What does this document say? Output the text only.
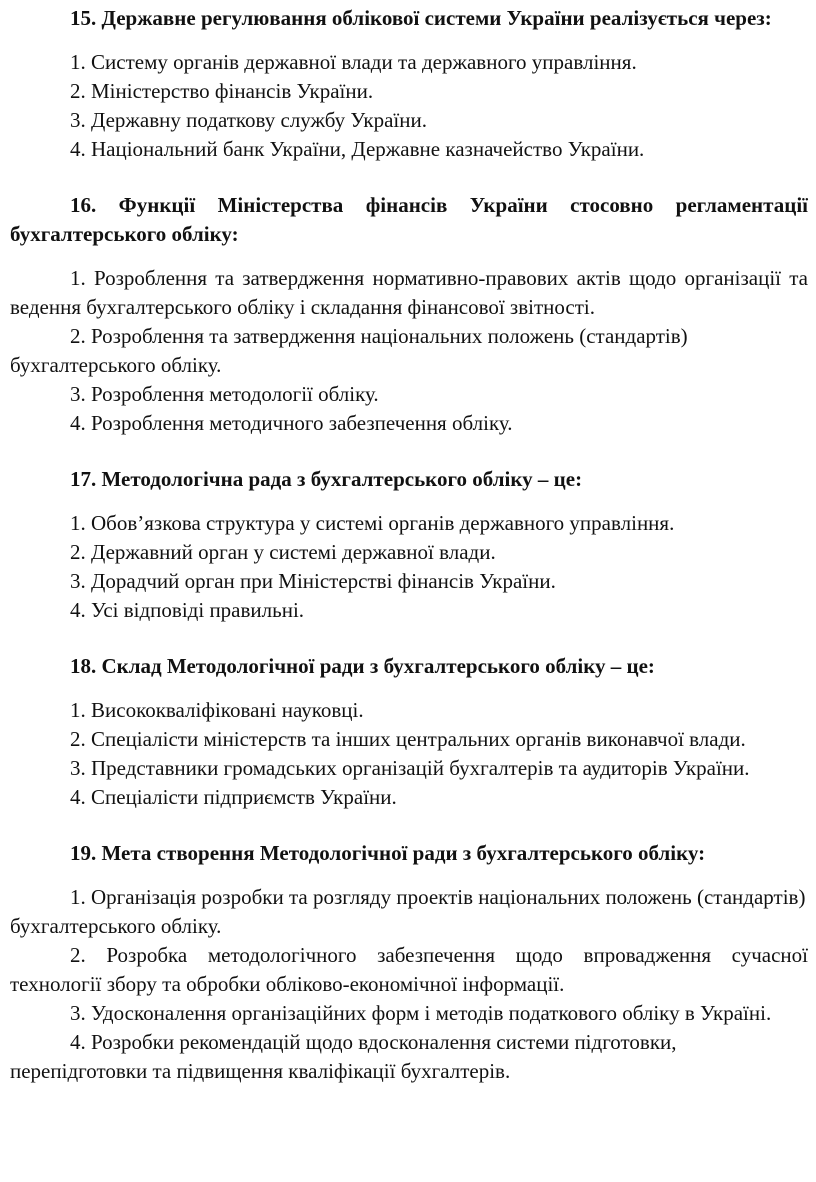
15. Державне регулювання облікової системи України реалізується через:

1. Систему органів державної влади та державного управління.

2. Міністерство фінансів України.

3. Державну податкову службу України.

4. Національний банк України, Державне казначейство України.

16. Функції Міністерства фінансів України стосовно регламентації бухгалтерського обліку:

1. Розроблення та затвердження нормативно-правових актів щодо організації та ведення бухгалтерського обліку і складання фінансової звітності.

2. Розроблення та затвердження національних положень (стандартів) бухгалтерського обліку.

3. Розроблення методології обліку.

4. Розроблення методичного забезпечення обліку.

17. Методологічна рада з бухгалтерського обліку – це:

1. Обов’язкова структура у системі органів державного управління.

2. Державний орган у системі державної влади.

3. Дорадчий орган при Міністерстві фінансів України.

4. Усі відповіді правильні.

18. Склад Методологічної ради з бухгалтерського обліку – це:

1. Висококваліфіковані науковці.

2. Спеціалісти міністерств та інших центральних органів виконавчої влади.

3. Представники громадських організацій бухгалтерів та аудиторів України.

4. Спеціалісти підприємств України.

19. Мета створення Методологічної ради з бухгалтерського обліку:

1. Організація розробки та розгляду проектів національних положень (стандартів) бухгалтерського обліку.

2. Розробка методологічного забезпечення щодо впровадження сучасної технології збору та обробки обліково-економічної інформації.

3. Удосконалення організаційних форм і методів податкового обліку в Україні.

4. Розробки рекомендацій щодо вдосконалення системи підготовки, перепідготовки та підвищення кваліфікації бухгалтерів.
